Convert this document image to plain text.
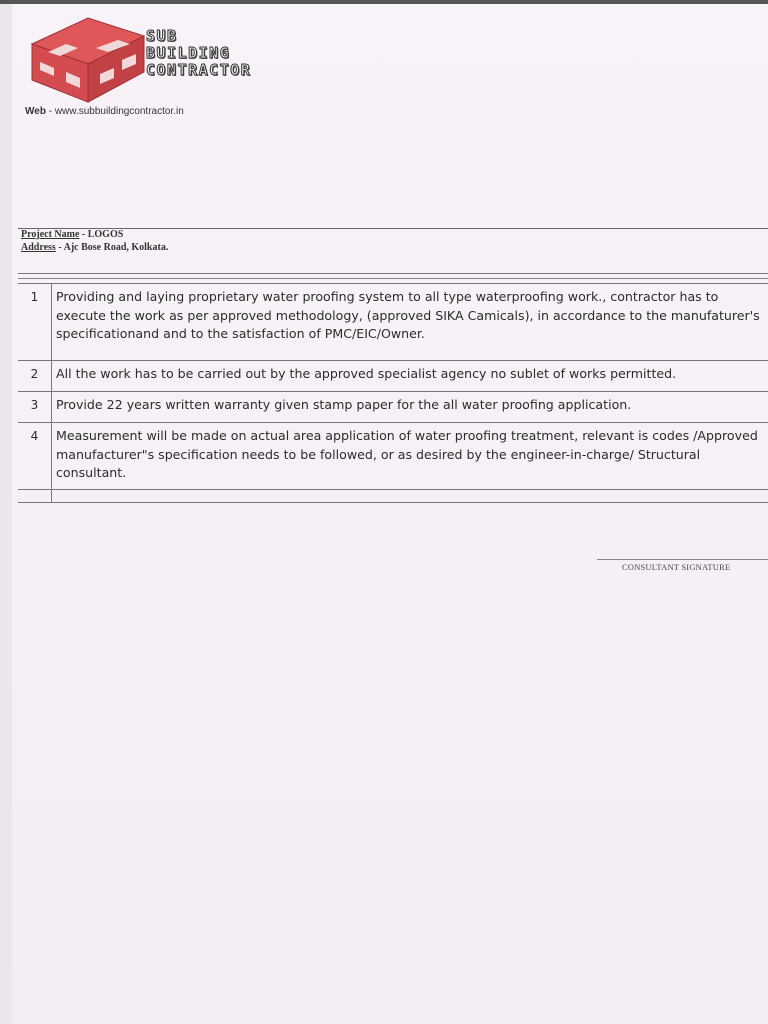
SUB
BUILDING
CONTRACTOR
Web - www.subbuildingcontractor.in
Project Name - LOGOS
Address - Ajc Bose Road, Kolkata.
1	Providing and laying proprietary water proofing system to all type waterproofing work., contractor has to execute the work as per approved methodology, (approved SIKA Camicals), in accordance to the manufaturer's specificationand and to the satisfaction of PMC/EIC/Owner.
2	All the work has to be carried out by the approved specialist agency no sublet of works permitted.
3	Provide 22 years written warranty given stamp paper for the all water proofing application.
4	Measurement will be made on actual area application of water proofing treatment, relevant is codes /Approved manufacturer"s specification needs to be followed, or as desired by the engineer-in-charge/ Structural consultant.

CONSULTANT SIGNATURE
